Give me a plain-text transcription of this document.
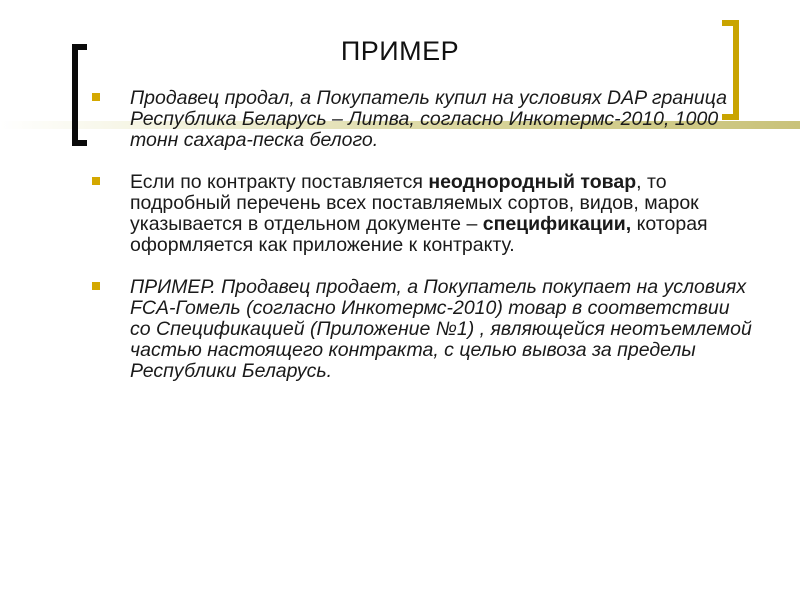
ПРИМЕР
Продавец продал, а Покупатель купил на условиях DAP граница Республика Беларусь – Литва, согласно Инкотермс-2010, 1000 тонн сахара-песка белого.
Если по контракту поставляется неоднородный товар, то подробный перечень всех поставляемых сортов, видов, марок указывается в отдельном документе – спецификации, которая оформляется как приложение к контракту.
ПРИМЕР. Продавец продает, а Покупатель покупает на условиях FCA-Гомель (согласно Инкотермс-2010) товар в соответствии со Спецификацией (Приложение №1) , являющейся неотъемлемой частью настоящего контракта, с целью вывоза за пределы Республики Беларусь.
